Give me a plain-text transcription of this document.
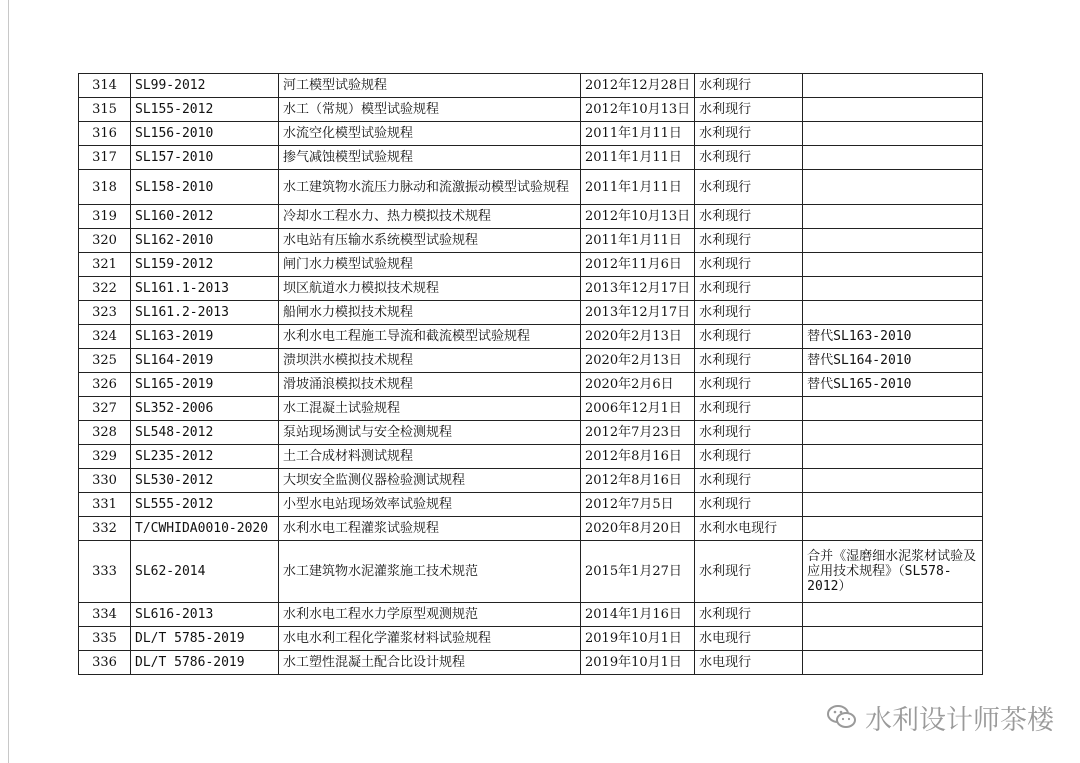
314	SL99-2012	河工模型试验规程	2012年12月28日	水利现行	
315	SL155-2012	水工（常规）模型试验规程	2012年10月13日	水利现行	
316	SL156-2010	水流空化模型试验规程	2011年1月11日	水利现行	
317	SL157-2010	掺气减蚀模型试验规程	2011年1月11日	水利现行	
318	SL158-2010	水工建筑物水流压力脉动和流激振动模型试验规程	2011年1月11日	水利现行	
319	SL160-2012	冷却水工程水力、热力模拟技术规程	2012年10月13日	水利现行	
320	SL162-2010	水电站有压输水系统模型试验规程	2011年1月11日	水利现行	
321	SL159-2012	闸门水力模型试验规程	2012年11月6日	水利现行	
322	SL161.1-2013	坝区航道水力模拟技术规程	2013年12月17日	水利现行	
323	SL161.2-2013	船闸水力模拟技术规程	2013年12月17日	水利现行	
324	SL163-2019	水利水电工程施工导流和截流模型试验规程	2020年2月13日	水利现行	替代SL163-2010
325	SL164-2019	溃坝洪水模拟技术规程	2020年2月13日	水利现行	替代SL164-2010
326	SL165-2019	滑坡涌浪模拟技术规程	2020年2月6日	水利现行	替代SL165-2010
327	SL352-2006	水工混凝土试验规程	2006年12月1日	水利现行	
328	SL548-2012	泵站现场测试与安全检测规程	2012年7月23日	水利现行	
329	SL235-2012	土工合成材料测试规程	2012年8月16日	水利现行	
330	SL530-2012	大坝安全监测仪器检验测试规程	2012年8月16日	水利现行	
331	SL555-2012	小型水电站现场效率试验规程	2012年7月5日	水利现行	
332	T/CWHIDA0010-2020	水利水电工程灌浆试验规程	2020年8月20日	水利水电现行	
333	SL62-2014	水工建筑物水泥灌浆施工技术规范	2015年1月27日	水利现行	合并《湿磨细水泥浆材试验及应用技术规程》（SL578-2012）
334	SL616-2013	水利水电工程水力学原型观测规范	2014年1月16日	水利现行	
335	DL/T 5785-2019	水电水利工程化学灌浆材料试验规程	2019年10月1日	水电现行	
336	DL/T 5786-2019	水工塑性混凝土配合比设计规程	2019年10月1日	水电现行	
水利设计师茶楼
